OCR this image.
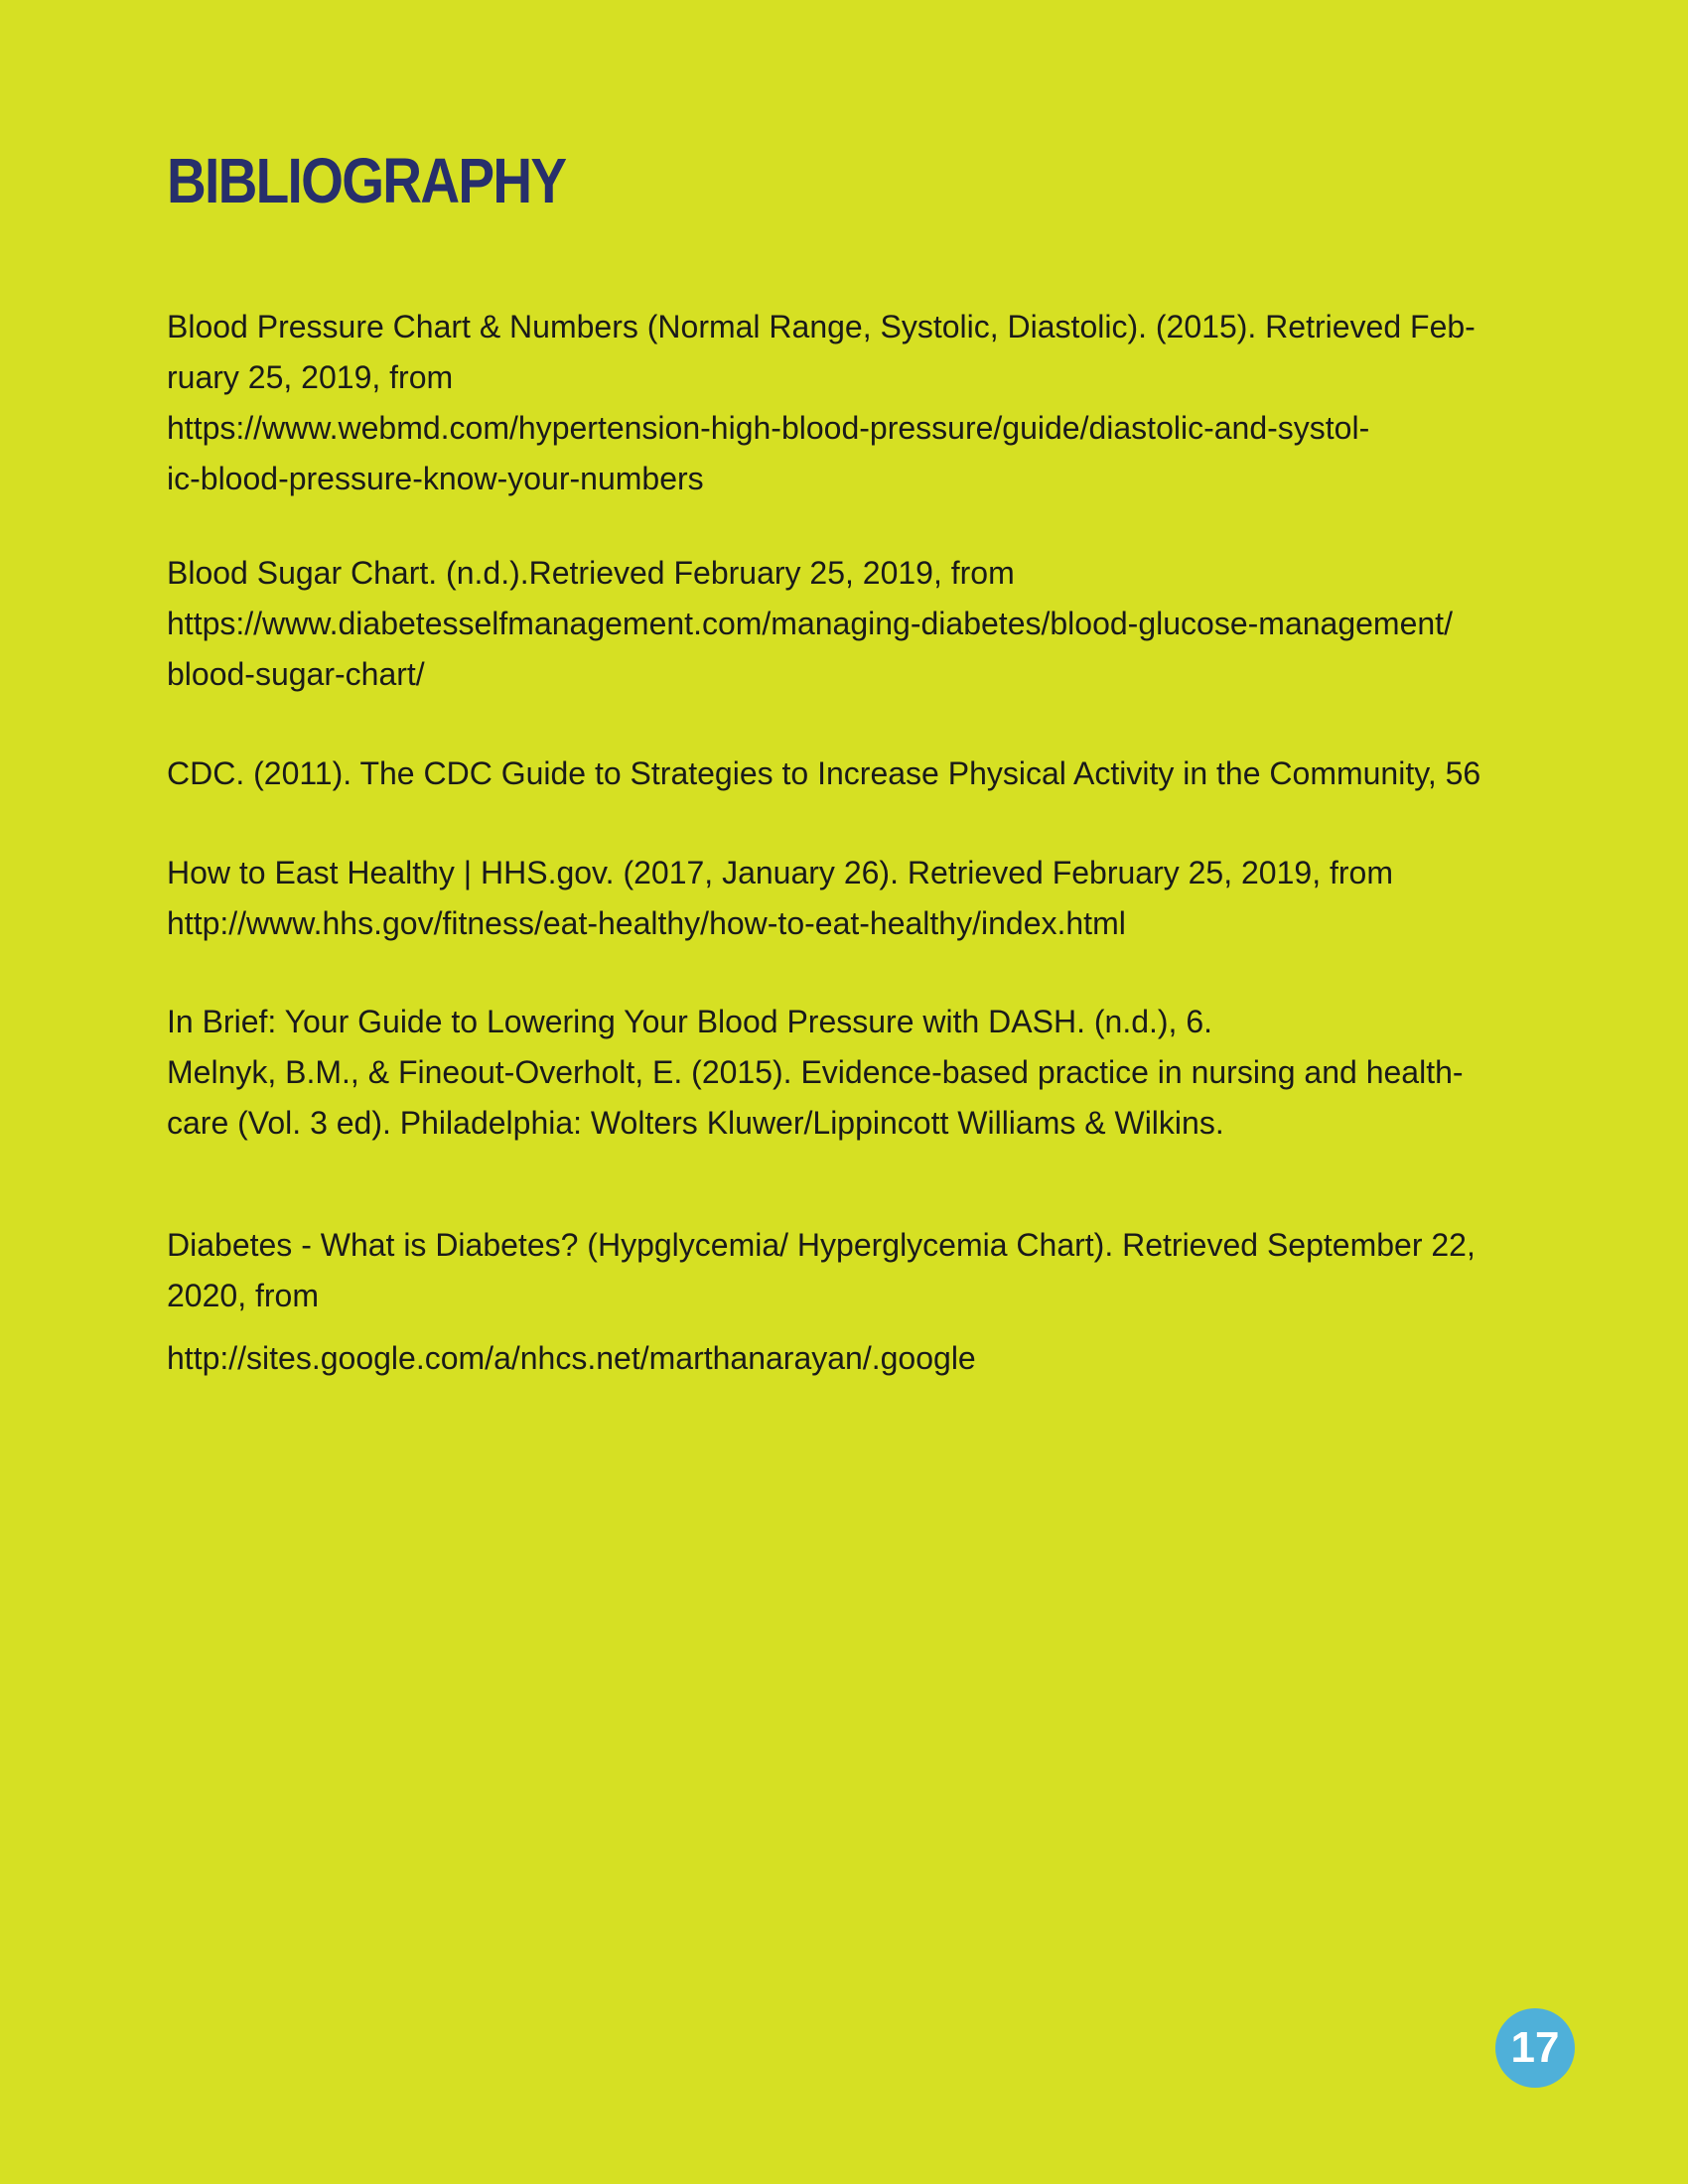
BIBLIOGRAPHY
Blood Pressure Chart & Numbers (Normal Range, Systolic, Diastolic). (2015). Retrieved Feb-
ruary 25, 2019, from
https://www.webmd.com/hypertension-high-blood-pressure/guide/diastolic-and-systol-
ic-blood-pressure-know-your-numbers
Blood Sugar Chart. (n.d.).Retrieved February 25, 2019, from
https://www.diabetesselfmanagement.com/managing-diabetes/blood-glucose-management/
blood-sugar-chart/
CDC. (2011). The CDC Guide to Strategies to Increase Physical Activity in the Community, 56
How to East Healthy | HHS.gov. (2017, January 26). Retrieved February 25, 2019, from
http://www.hhs.gov/fitness/eat-healthy/how-to-eat-healthy/index.html
In Brief: Your Guide to Lowering Your Blood Pressure with DASH. (n.d.), 6.
Melnyk, B.M., & Fineout-Overholt, E. (2015). Evidence-based practice in nursing and health-
care (Vol. 3 ed). Philadelphia: Wolters Kluwer/Lippincott Williams & Wilkins.
Diabetes - What is Diabetes? (Hypglycemia/ Hyperglycemia Chart). Retrieved September 22,
2020, from
http://sites.google.com/a/nhcs.net/marthanarayan/.google
17
